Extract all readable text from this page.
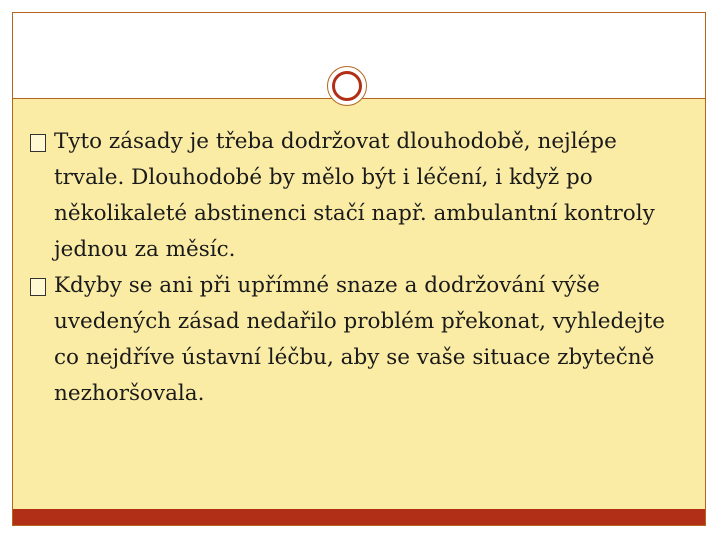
Tyto zásady je třeba dodržovat dlouhodobě, nejlépe trvale. Dlouhodobé by mělo být i léčení, i když po několikaleté abstinenci stačí např. ambulantní kontroly jednou za měsíc.
Kdyby se ani při upřímné snaze a dodržování výše uvedených zásad nedařilo problém překonat, vyhledejte co nejdříve ústavní léčbu, aby se vaše situace zbytečně nezhoršovala.
